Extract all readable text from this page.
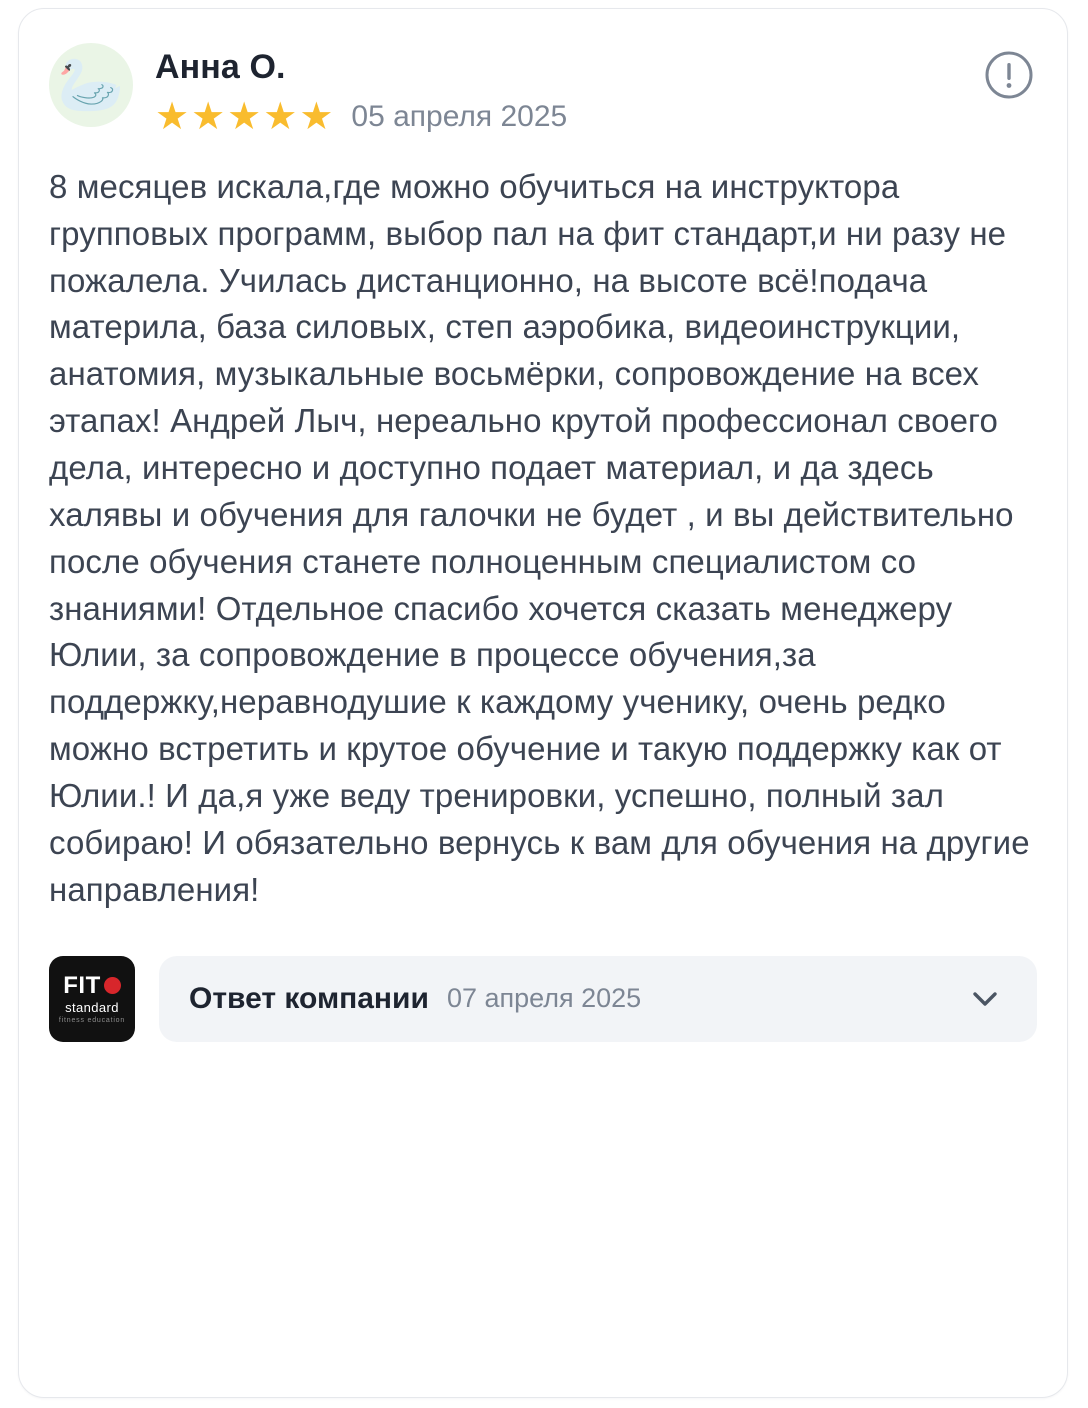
🦢 Анна О.
★ ★ ★ ★ ★ 05 апреля 2025
8 месяцев искала,где можно обучиться на инструктора групповых программ, выбор пал на фит стандарт,и ни разу не пожалела. Училась дистанционно, на высоте всё!подача материла, база силовых, степ аэробика, видеоинструкции, анатомия, музыкальные восьмёрки, сопровождение на всех этапах! Андрей Лыч, нереально крутой профессионал своего дела, интересно и доступно подает материал, и да здесь халявы и обучения для галочки не будет , и вы действительно после обучения станете полноценным специалистом со знаниями! Отдельное спасибо хочется сказать менеджеру Юлии, за сопровождение в процессе обучения,за поддержку,неравнодушие к каждому ученику, очень редко можно встретить и крутое обучение и такую поддержку как от Юлии.! И да,я уже веду тренировки, успешно, полный зал собираю! И обязательно вернусь к вам для обучения на другие направления!
FIT
standard
fitness education
Ответ компании 07 апреля 2025
